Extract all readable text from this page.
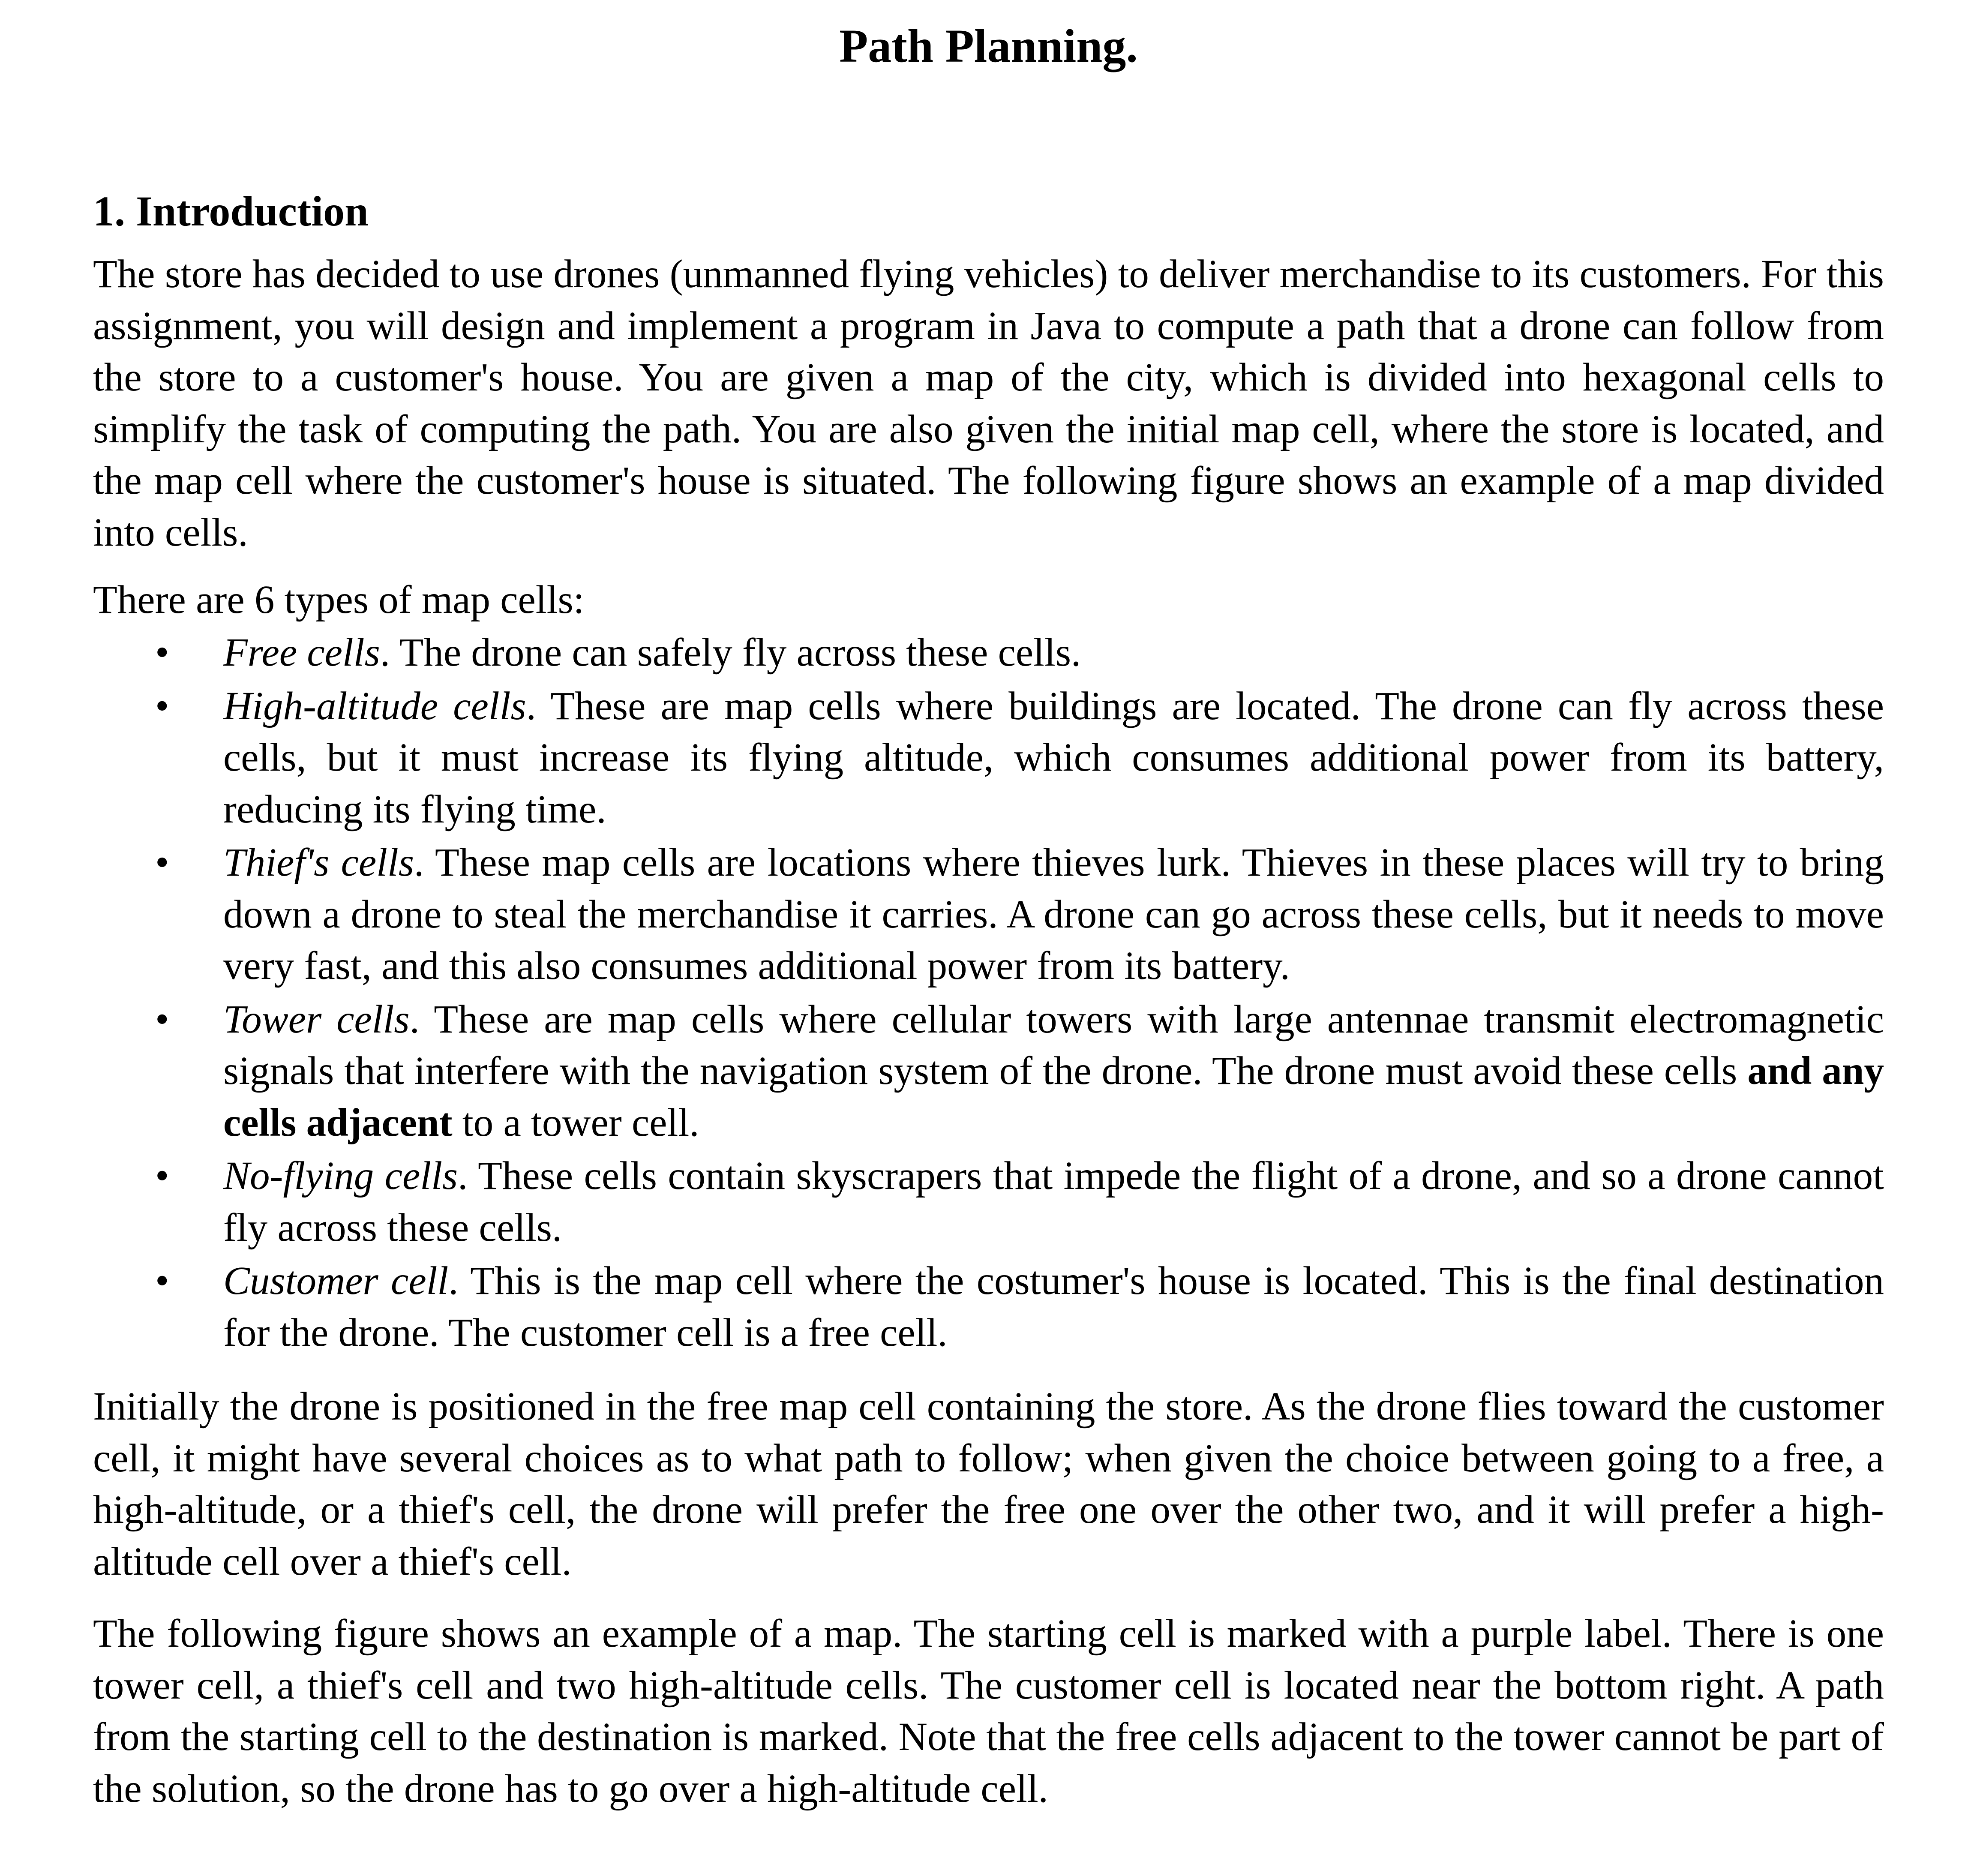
Path Planning.
1. Introduction

The store has decided to use drones (unmanned flying vehicles) to deliver merchandise to its customers. For this assignment, you will design and implement a program in Java to compute a path that a drone can follow from the store to a customer's house. You are given a map of the city, which is divided into hexagonal cells to simplify the task of computing the path. You are also given the initial map cell, where the store is located, and the map cell where the customer's house is situated. The following figure shows an example of a map divided into cells.

There are 6 types of map cells:

• Free cells. The drone can safely fly across these cells.
• High-altitude cells. These are map cells where buildings are located. The drone can fly across these cells, but it must increase its flying altitude, which consumes additional power from its battery, reducing its flying time.
• Thief's cells. These map cells are locations where thieves lurk. Thieves in these places will try to bring down a drone to steal the merchandise it carries. A drone can go across these cells, but it needs to move very fast, and this also consumes additional power from its battery.
• Tower cells. These are map cells where cellular towers with large antennae transmit electromagnetic signals that interfere with the navigation system of the drone. The drone must avoid these cells and any cells adjacent to a tower cell.
• No-flying cells. These cells contain skyscrapers that impede the flight of a drone, and so a drone cannot fly across these cells.
• Customer cell. This is the map cell where the costumer's house is located. This is the final destination for the drone. The customer cell is a free cell.

Initially the drone is positioned in the free map cell containing the store. As the drone flies toward the customer cell, it might have several choices as to what path to follow; when given the choice between going to a free, a high-altitude, or a thief's cell, the drone will prefer the free one over the other two, and it will prefer a high-altitude cell over a thief's cell.

The following figure shows an example of a map. The starting cell is marked with a purple label. There is one tower cell, a thief's cell and two high-altitude cells. The customer cell is located near the bottom right. A path from the starting cell to the destination is marked. Note that the free cells adjacent to the tower cannot be part of the solution, so the drone has to go over a high-altitude cell.
